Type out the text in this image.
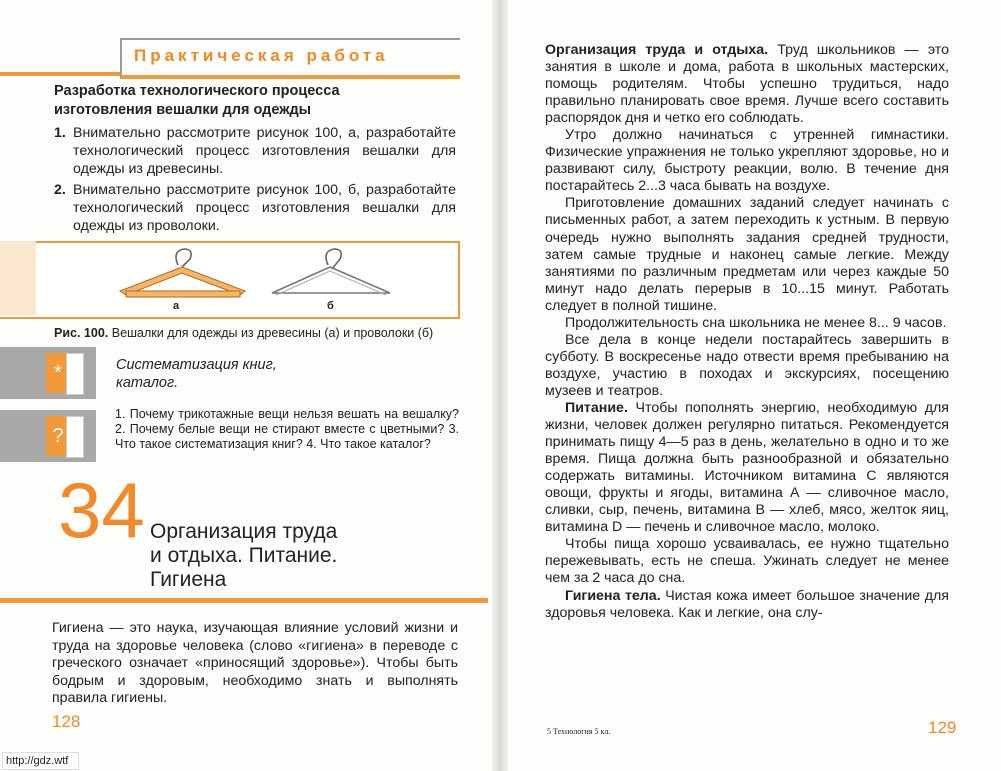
Практическая работа
Разработка технологического процесса изготовления вешалки для одежды
1. Внимательно рассмотрите рисунок 100, а, разработайте технологический процесс изготовления вешалки для одежды из древесины.
2. Внимательно рассмотрите рисунок 100, б, разработайте технологический процесс изготовления вешалки для одежды из проволоки.
а	б
Рис. 100. Вешалки для одежды из древесины (а) и проволоки (б)
*	Систематизация книг, каталог.
?
1. Почему трикотажные вещи нельзя вешать на вешалку? 2. Почему белые вещи не стирают вместе с цветными? 3. Что такое систематизация книг? 4. Что такое каталог?
34 Организация труда
и отдыха. Питание.
Гигиена
Гигиена — это наука, изучающая влияние условий жизни и труда на здоровье человека (слово «гигиена» в переводе с греческого означает «приносящий здоровье»). Чтобы быть бодрым и здоровым, необходимо знать и выполнять правила гигиены.
128
http://gdz.wtf

Организация труда и отдыха. Труд школьников — это занятия в школе и дома, работа в школьных мастерских, помощь родителям. Чтобы успешно трудиться, надо правильно планировать свое время. Лучше всего составить распорядок дня и четко его соблюдать.

Утро должно начинаться с утренней гимнастики. Физические упражнения не только укрепляют здоровье, но и развивают силу, быстроту реакции, волю. В течение дня постарайтесь 2...3 часа бывать на воздухе.

Приготовление домашних заданий следует начинать с письменных работ, а затем переходить к устным. В первую очередь нужно выполнять задания средней трудности, затем самые трудные и наконец самые легкие. Между занятиями по различным предметам или через каждые 50 минут надо делать перерыв в 10...15 минут. Работать следует в полной тишине.

Продолжительность сна школьника не менее 8... 9 часов.

Все дела в конце недели постарайтесь завершить в субботу. В воскресенье надо отвести время пребыванию на воздухе, участию в походах и экскурсиях, посещению музеев и театров.

Питание. Чтобы пополнять энергию, необходимую для жизни, человек должен регулярно питаться. Рекомендуется принимать пищу 4—5 раз в день, желательно в одно и то же время. Пища должна быть разнообразной и обязательно содержать витамины. Источником витамина С являются овощи, фрукты и ягоды, витамина А — сливочное масло, сливки, сыр, печень, витамина В — хлеб, мясо, желток яиц, витамина D — печень и сливочное масло, молоко.

Чтобы пища хорошо усваивалась, ее нужно тщательно пережевывать, есть не спеша. Ужинать следует не менее чем за 2 часа до сна.

Гигиена тела. Чистая кожа имеет большое значение для здоровья человека. Как и легкие, она слу-

5 Технология 5 кл.	129
